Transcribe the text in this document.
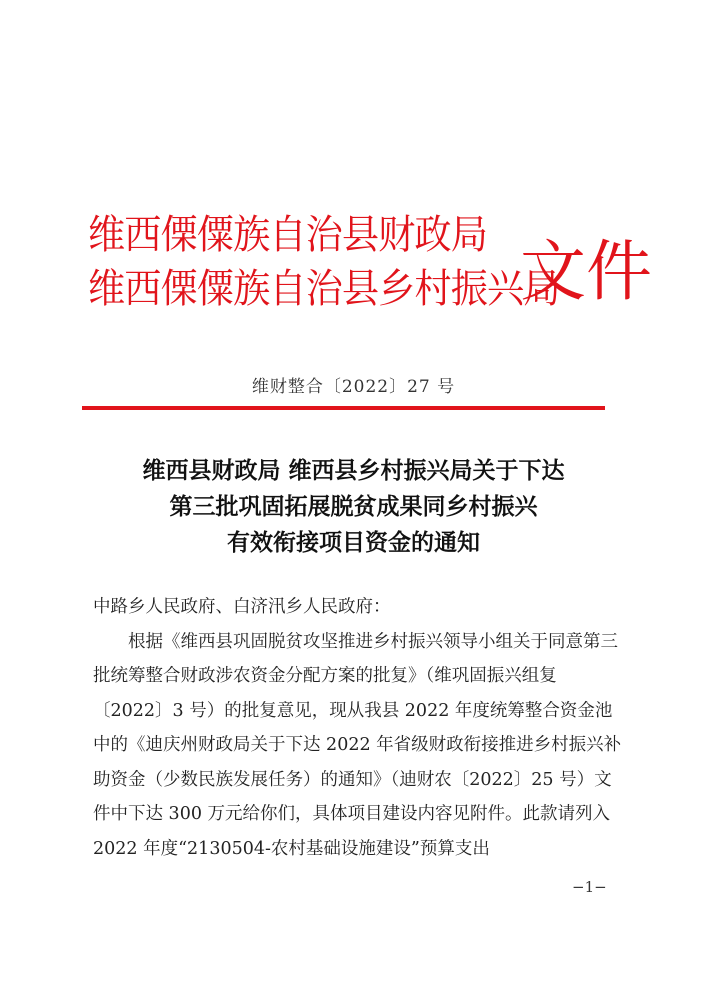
维西傈僳族自治县财政局
维西傈僳族自治县乡村振兴局
文件
维财整合〔2022〕27 号
维西县财政局 维西县乡村振兴局关于下达
第三批巩固拓展脱贫成果同乡村振兴
有效衔接项目资金的通知

中路乡人民政府、白济汛乡人民政府：

根据《维西县巩固脱贫攻坚推进乡村振兴领导小组关于同意第三批统筹整合财政涉农资金分配方案的批复》（维巩固振兴组复〔2022〕3 号）的批复意见，现从我县 2022 年度统筹整合资金池中的《迪庆州财政局关于下达 2022 年省级财政衔接推进乡村振兴补助资金（少数民族发展任务）的通知》（迪财农〔2022〕25 号）文件中下达 300 万元给你们，具体项目建设内容见附件。此款请列入 2022 年度“2130504-农村基础设施建设”预算支出

−1−
